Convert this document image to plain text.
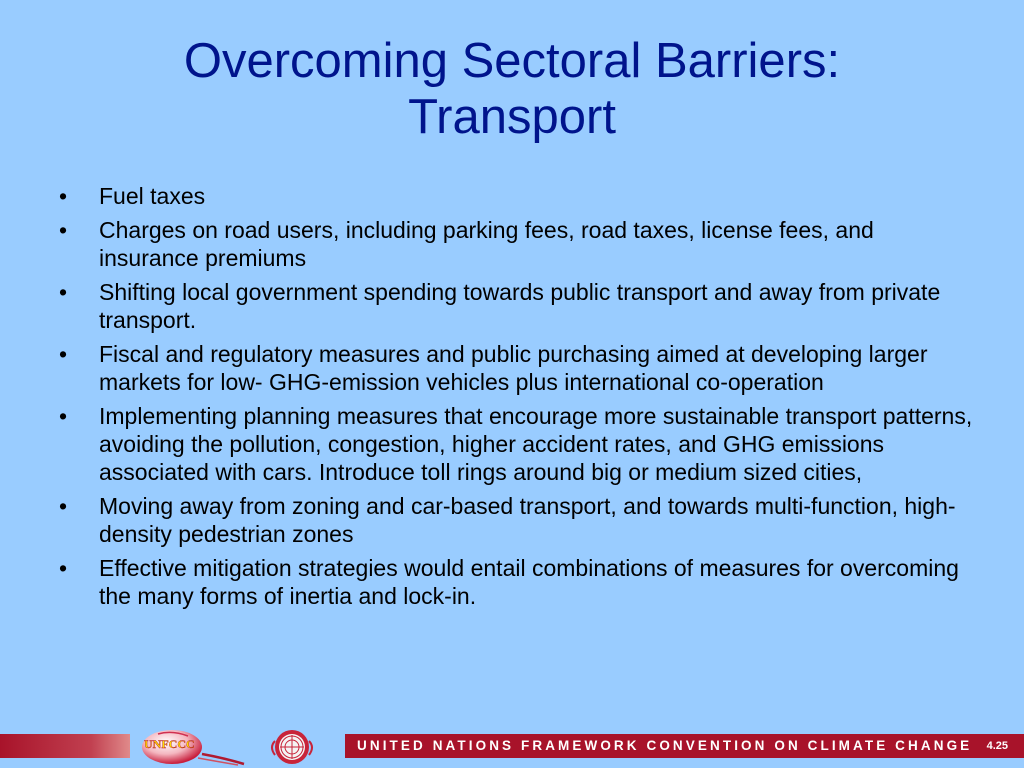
Overcoming Sectoral Barriers:
Transport
• Fuel taxes
• Charges on road users, including parking fees, road taxes, license fees, and insurance premiums
• Shifting local government spending towards public transport and away from private transport.
• Fiscal and regulatory measures and public purchasing aimed at developing larger markets for low- GHG-emission vehicles plus international co-operation
• Implementing planning measures that encourage more sustainable transport patterns, avoiding the pollution, congestion, higher accident rates, and GHG emissions associated with cars. Introduce toll rings around big or medium sized cities,
• Moving away from zoning and car-based transport, and towards multi-function, high-density pedestrian zones
• Effective mitigation strategies would entail combinations of measures for overcoming the many forms of inertia and lock-in.
UNFCCC	UNITED NATIONS FRAMEWORK CONVENTION ON CLIMATE CHANGE 4.25
